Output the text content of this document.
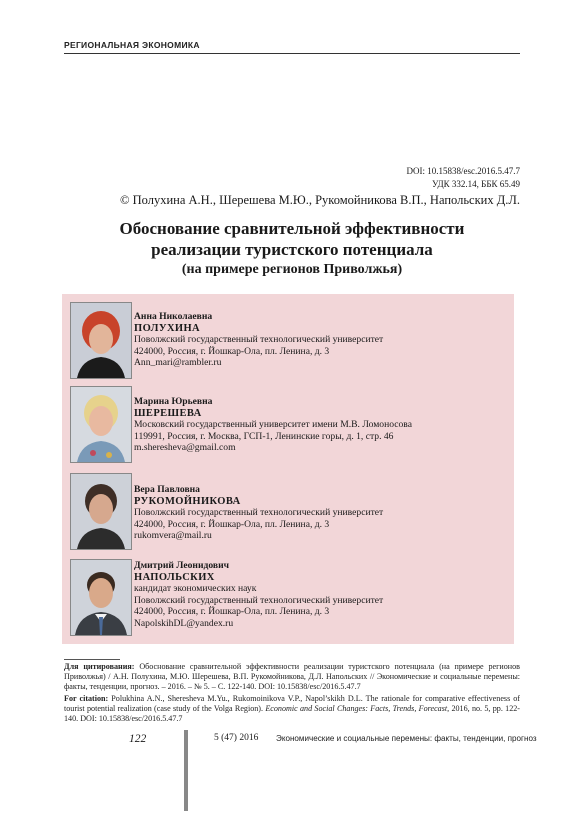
РЕГИОНАЛЬНАЯ ЭКОНОМИКА
DOI: 10.15838/esc.2016.5.47.7
УДК 332.14, ББК 65.49
© Полухина А.Н., Шерешева М.Ю., Рукомойникова В.П., Напольских Д.Л.
Обоснование сравнительной эффективности
реализации туристского потенциала
(на примере регионов Приволжья)
Анна Николаевна
ПОЛУХИНА
Поволжский государственный технологический университет
424000, Россия, г. Йошкар-Ола, пл. Ленина, д. 3
Ann_mari@rambler.ru
Марина Юрьевна
ШЕРЕШЕВА
Московский государственный университет имени М.В. Ломоносова
119991, Россия, г. Москва, ГСП-1, Ленинские горы, д. 1, стр. 46
m.sheresheva@gmail.com
Вера Павловна
РУКОМОЙНИКОВА
Поволжский государственный технологический университет
424000, Россия, г. Йошкар-Ола, пл. Ленина, д. 3
rukomvera@mail.ru
Дмитрий Леонидович
НАПОЛЬСКИХ
кандидат экономических наук
Поволжский государственный технологический университет
424000, Россия, г. Йошкар-Ола, пл. Ленина, д. 3
NapolskihDL@yandex.ru
Для цитирования: Обоснование сравнительной эффективности реализации туристского потенциала (на примере регионов Приволжья) / А.Н. Полухина, М.Ю. Шерешева, В.П. Рукомойникова, Д.Л. Напольских // Экономические и социальные перемены: факты, тенденции, прогноз. – 2016. – № 5. – С. 122-140. DOI: 10.15838/esc/2016.5.47.7
For citation: Polukhina A.N., Sheresheva M.Yu., Rukomoinikova V.P., Napol’skikh D.L. The rationale for comparative effectiveness of tourist potential realization (case study of the Volga Region). Economic and Social Changes: Facts, Trends, Forecast, 2016, no. 5, pp. 122-140. DOI: 10.15838/esc/2016.5.47.7
122	5 (47) 2016 Экономические и социальные перемены: факты, тенденции, прогноз
